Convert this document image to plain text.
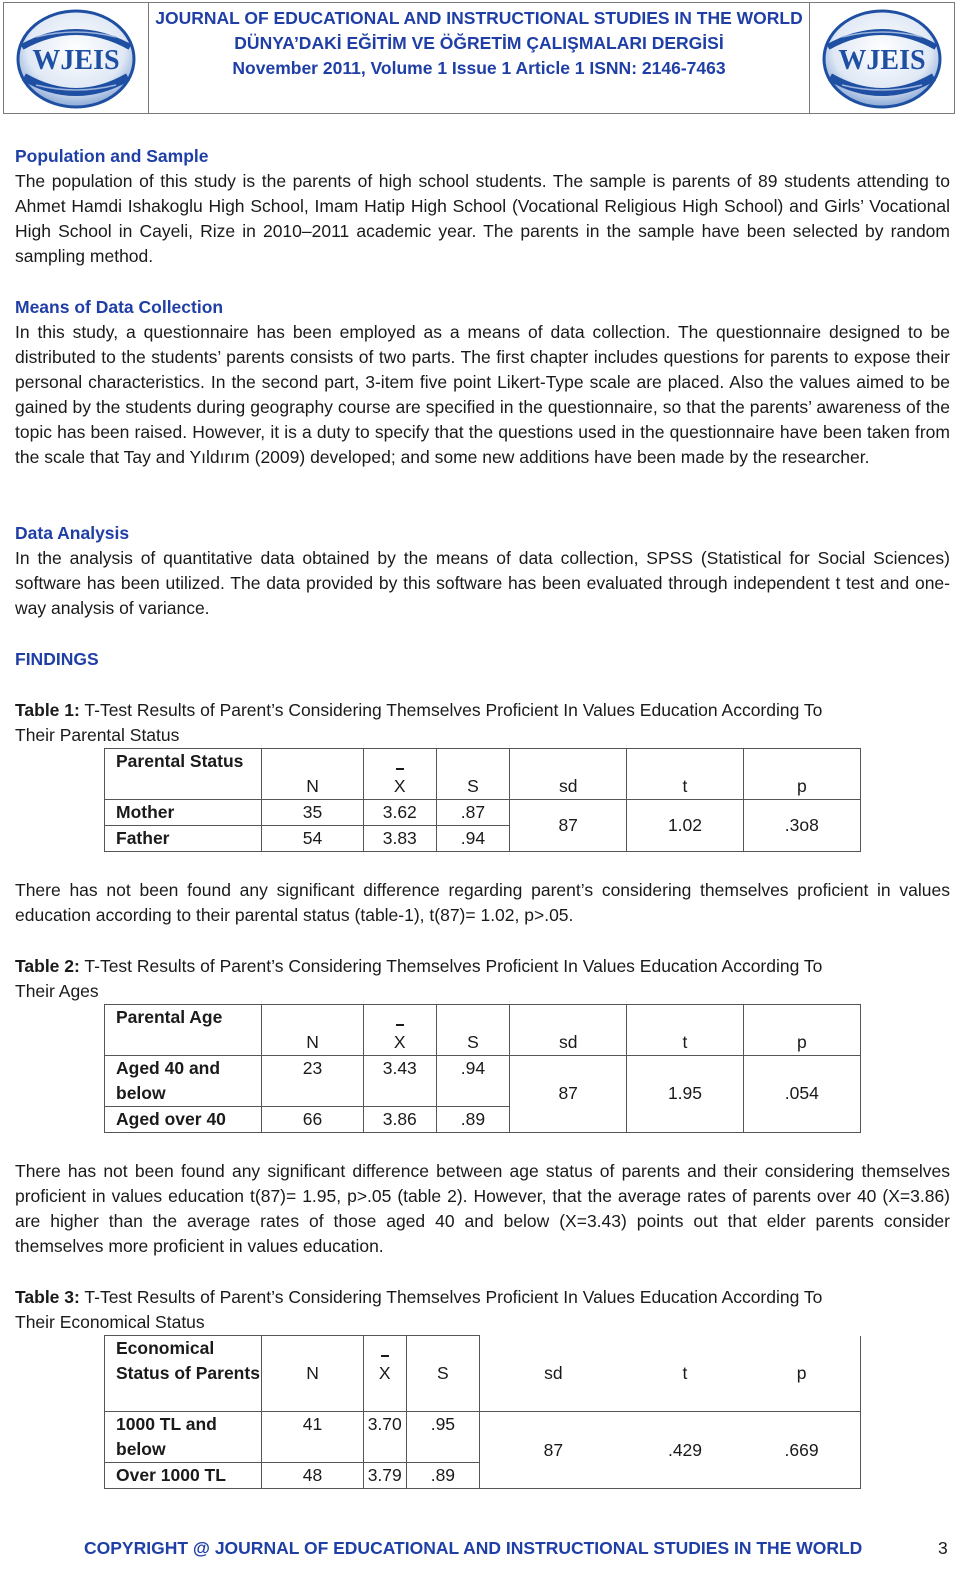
WJEIS
JOURNAL OF EDUCATIONAL AND INSTRUCTIONAL STUDIES IN THE WORLD
DÜNYA’DAKİ EĞİTİM VE ÖĞRETİM ÇALIŞMALARI DERGİSİ
November 2011, Volume 1 Issue 1 Article 1 ISNN: 2146-7463	WJEIS

Population and Sample

The population of this study is the parents of high school students. The sample is parents of 89 students attending to Ahmet Hamdi Ishakoglu High School, Imam Hatip High School (Vocational Religious High School) and Girls’ Vocational High School in Cayeli, Rize in 2010–2011 academic year. The parents in the sample have been selected by random sampling method.

Means of Data Collection

In this study, a questionnaire has been employed as a means of data collection. The questionnaire designed to be distributed to the students’ parents consists of two parts. The first chapter includes questions for parents to expose their personal characteristics. In the second part, 3-item five point Likert-Type scale are placed. Also the values aimed to be gained by the students during geography course are specified in the questionnaire, so that the parents’ awareness of the topic has been raised. However, it is a duty to specify that the questions used in the questionnaire have been taken from the scale that Tay and Yıldırım (2009) developed; and some new additions have been made by the researcher.

Data Analysis

In the analysis of quantitative data obtained by the means of data collection, SPSS (Statistical for Social Sciences) software has been utilized. The data provided by this software has been evaluated through independent t test and one-way analysis of variance.

FINDINGS

Table 1: T-Test Results of Parent’s Considering Themselves Proficient In Values Education According To Their Parental Status

Parental Status	N	X	S	sd	t	p
Mother	35	3.62	.87	87	1.02	.3o8
Father	54	3.83	.94			

There has not been found any significant difference regarding parent’s considering themselves proficient in values education according to their parental status (table-1), t(87)= 1.02, p>.05.

Table 2: T-Test Results of Parent’s Considering Themselves Proficient In Values Education According To Their Ages

Parental Age	N	X	S	sd	t	p
Aged 40 and below	23	3.43	.94	87	1.95	.054
Aged over 40	66	3.86	.89			

There has not been found any significant difference between age status of parents and their considering themselves proficient in values education t(87)= 1.95, p>.05 (table 2). However, that the average rates of parents over 40 (X=3.86) are higher than the average rates of those aged 40 and below (X=3.43) points out that elder parents consider themselves more proficient in values education.

Table 3: T-Test Results of Parent’s Considering Themselves Proficient In Values Education According To Their Economical Status

Economical Status of Parents	N	X	S	sd	t	p
1000 TL and below	41	3.70	.95	87	.429	.669
Over 1000 TL	48	3.79	.89			
COPYRIGHT @ JOURNAL OF EDUCATIONAL AND INSTRUCTIONAL STUDIES IN THE WORLD	3
